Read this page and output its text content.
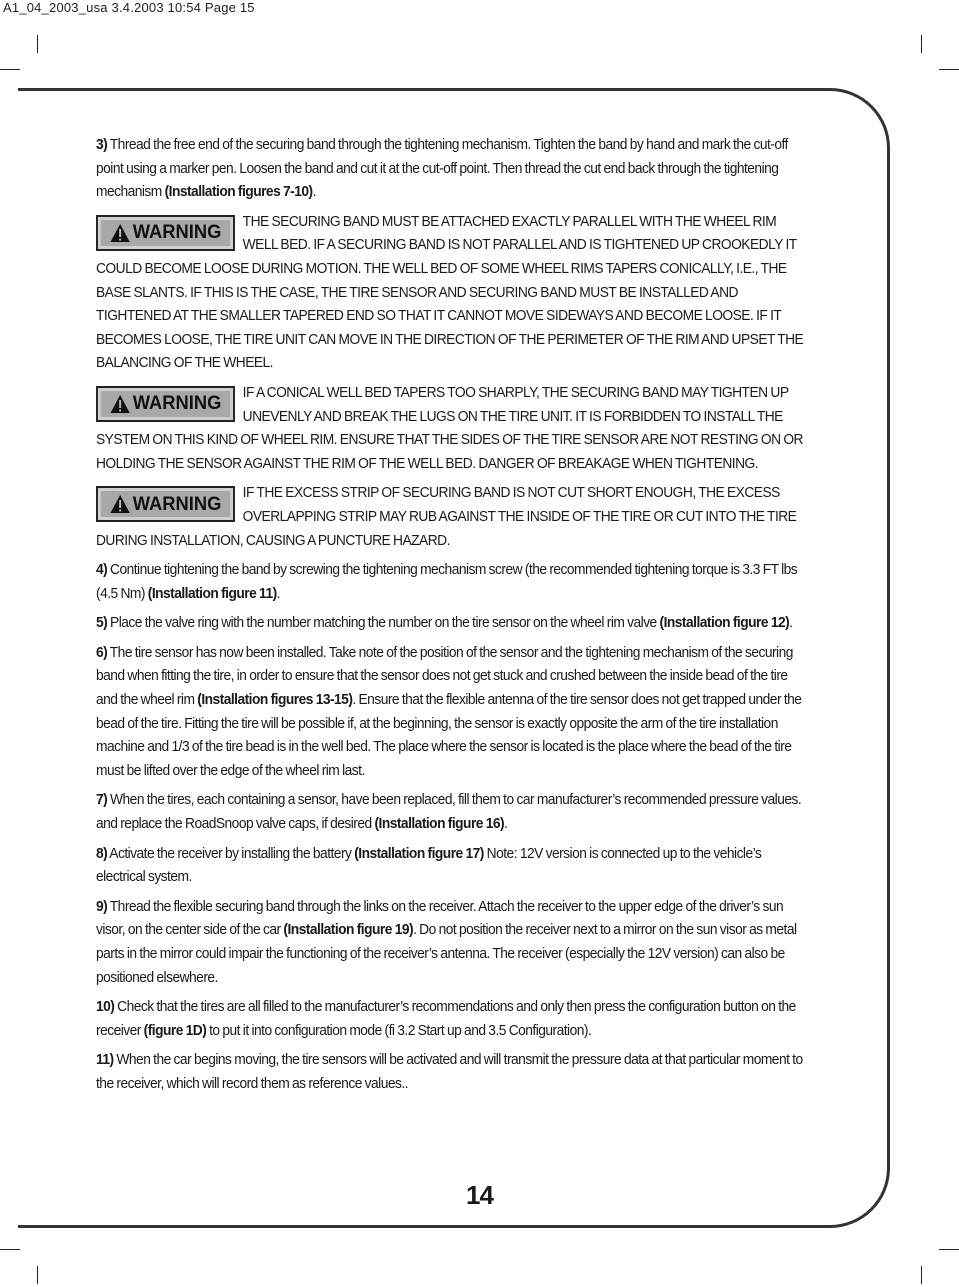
A1_04_2003_usa 3.4.2003 10:54 Page 15

3) Thread the free end of the securing band through the tightening mechanism. Tighten the band by hand and mark the cut-off point using a marker pen. Loosen the band and cut it at the cut-off point. Then thread the cut end back through the tightening mechanism (Installation figures 7-10).

WARNING
THE SECURING BAND MUST BE ATTACHED EXACTLY PARALLEL WITH THE WHEEL RIM WELL BED. IF A SECURING BAND IS NOT PARALLEL AND IS TIGHTENED UP CROOKEDLY IT COULD BECOME LOOSE DURING MOTION. THE WELL BED OF SOME WHEEL RIMS TAPERS CONICALLY, I.E., THE BASE SLANTS. IF THIS IS THE CASE, THE TIRE SENSOR AND SECURING BAND MUST BE INSTALLED AND TIGHTENED AT THE SMALLER TAPERED END SO THAT IT CANNOT MOVE SIDEWAYS AND BECOME LOOSE. IF IT BECOMES LOOSE, THE TIRE UNIT CAN MOVE IN THE DIRECTION OF THE PERIMETER OF THE RIM AND UPSET THE BALANCING OF THE WHEEL.
WARNING
IF A CONICAL WELL BED TAPERS TOO SHARPLY, THE SECURING BAND MAY TIGHTEN UP UNEVENLY AND BREAK THE LUGS ON THE TIRE UNIT. IT IS FORBIDDEN TO INSTALL THE SYSTEM ON THIS KIND OF WHEEL RIM. ENSURE THAT THE SIDES OF THE TIRE SENSOR ARE NOT RESTING ON OR HOLDING THE SENSOR AGAINST THE RIM OF THE WELL BED. DANGER OF BREAKAGE WHEN TIGHTENING.
WARNING
IF THE EXCESS STRIP OF SECURING BAND IS NOT CUT SHORT ENOUGH, THE EXCESS OVERLAPPING STRIP MAY RUB AGAINST THE INSIDE OF THE TIRE OR CUT INTO THE TIRE DURING INSTALLATION, CAUSING A PUNCTURE HAZARD.

4) Continue tightening the band by screwing the tightening mechanism screw (the recommended tightening torque is 3.3 FT lbs (4.5 Nm) (Installation figure 11).

5) Place the valve ring with the number matching the number on the tire sensor on the wheel rim valve (Installation figure 12).

6) The tire sensor has now been installed. Take note of the position of the sensor and the tightening mechanism of the securing band when fitting the tire, in order to ensure that the sensor does not get stuck and crushed between the inside bead of the tire and the wheel rim (Installation figures 13-15). Ensure that the flexible antenna of the tire sensor does not get trapped under the bead of the tire. Fitting the tire will be possible if, at the beginning, the sensor is exactly opposite the arm of the tire installation machine and 1/3 of the tire bead is in the well bed. The place where the sensor is located is the place where the bead of the tire must be lifted over the edge of the wheel rim last.

7) When the tires, each containing a sensor, have been replaced, fill them to car manufacturer’s recommended pressure values. and replace the RoadSnoop valve caps, if desired (Installation figure 16).

8) Activate the receiver by installing the battery (Installation figure 17) Note: 12V version is connected up to the vehicle’s electrical system.

9) Thread the flexible securing band through the links on the receiver. Attach the receiver to the upper edge of the driver’s sun visor, on the center side of the car (Installation figure 19). Do not position the receiver next to a mirror on the sun visor as metal parts in the mirror could impair the functioning of the receiver’s antenna. The receiver (especially the 12V version) can also be positioned elsewhere.

10) Check that the tires are all filled to the manufacturer’s recommendations and only then press the configuration button on the receiver (figure 1D) to put it into configuration mode (fi 3.2 Start up and 3.5 Configuration).

11) When the car begins moving, the tire sensors will be activated and will transmit the pressure data at that particular moment to the receiver, which will record them as reference values..

14
